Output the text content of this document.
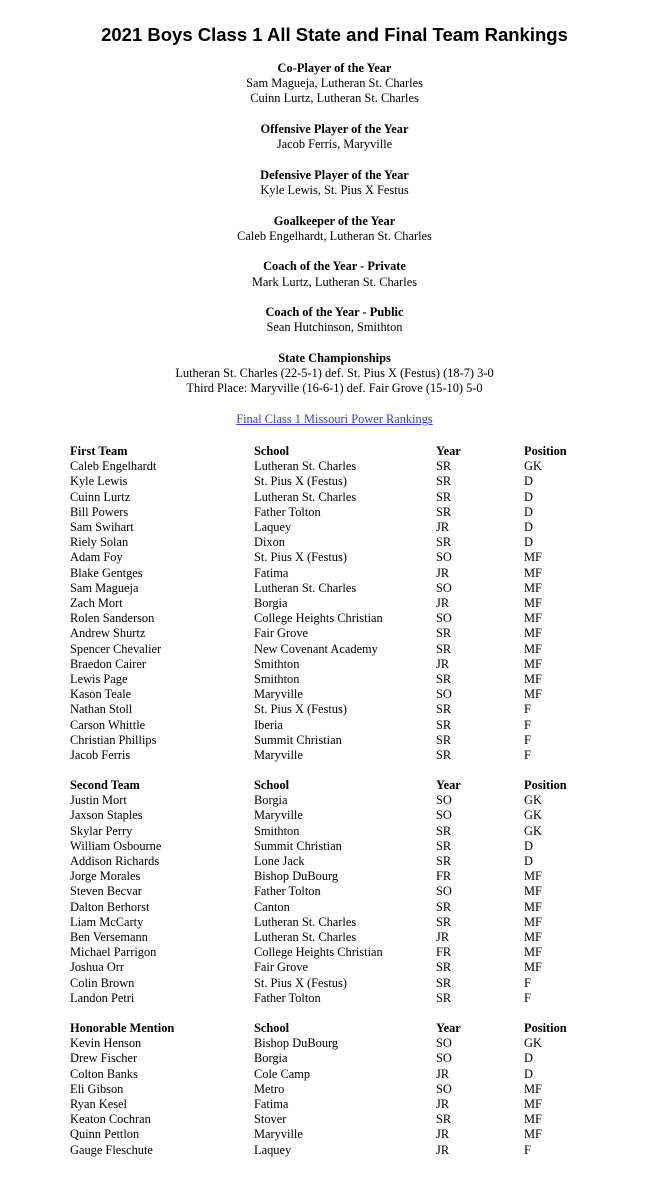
2021 Boys Class 1 All State and Final Team Rankings
Co-Player of the Year
Sam Magueja, Lutheran St. Charles
Cuinn Lurtz, Lutheran St. Charles
Offensive Player of the Year
Jacob Ferris, Maryville
Defensive Player of the Year
Kyle Lewis, St. Pius X Festus
Goalkeeper of the Year
Caleb Engelhardt, Lutheran St. Charles
Coach of the Year - Private
Mark Lurtz, Lutheran St. Charles
Coach of the Year - Public
Sean Hutchinson, Smithton
State Championships
Lutheran St. Charles (22-5-1) def. St. Pius X (Festus) (18-7) 3-0
Third Place: Maryville (16-6-1) def. Fair Grove (15-10) 5-0
Final Class 1 Missouri Power Rankings
First Team	School	Year	Position
Caleb Engelhardt	Lutheran St. Charles	SR	GK
Kyle Lewis	St. Pius X (Festus)	SR	D
Cuinn Lurtz	Lutheran St. Charles	SR	D
Bill Powers	Father Tolton	SR	D
Sam Swihart	Laquey	JR	D
Riely Solan	Dixon	SR	D
Adam Foy	St. Pius X (Festus)	SO	MF
Blake Gentges	Fatima	JR	MF
Sam Magueja	Lutheran St. Charles	SO	MF
Zach Mort	Borgia	JR	MF
Rolen Sanderson	College Heights Christian	SO	MF
Andrew Shurtz	Fair Grove	SR	MF
Spencer Chevalier	New Covenant Academy	SR	MF
Braedon Cairer	Smithton	JR	MF
Lewis Page	Smithton	SR	MF
Kason Teale	Maryville	SO	MF
Nathan Stoll	St. Pius X (Festus)	SR	F
Carson Whittle	Iberia	SR	F
Christian Phillips	Summit Christian	SR	F
Jacob Ferris	Maryville	SR	F
Second Team	School	Year	Position
Justin Mort	Borgia	SO	GK
Jaxson Staples	Maryville	SO	GK
Skylar Perry	Smithton	SR	GK
William Osbourne	Summit Christian	SR	D
Addison Richards	Lone Jack	SR	D
Jorge Morales	Bishop DuBourg	FR	MF
Steven Becvar	Father Tolton	SO	MF
Dalton Berhorst	Canton	SR	MF
Liam McCarty	Lutheran St. Charles	SR	MF
Ben Versemann	Lutheran St. Charles	JR	MF
Michael Parrigon	College Heights Christian	FR	MF
Joshua Orr	Fair Grove	SR	MF
Colin Brown	St. Pius X (Festus)	SR	F
Landon Petri	Father Tolton	SR	F
Honorable Mention	School	Year	Position
Kevin Henson	Bishop DuBourg	SO	GK
Drew Fischer	Borgia	SO	D
Colton Banks	Cole Camp	JR	D
Eli Gibson	Metro	SO	MF
Ryan Kesel	Fatima	JR	MF
Keaton Cochran	Stover	SR	MF
Quinn Pettlon	Maryville	JR	MF
Gauge Fleschute	Laquey	JR	F
